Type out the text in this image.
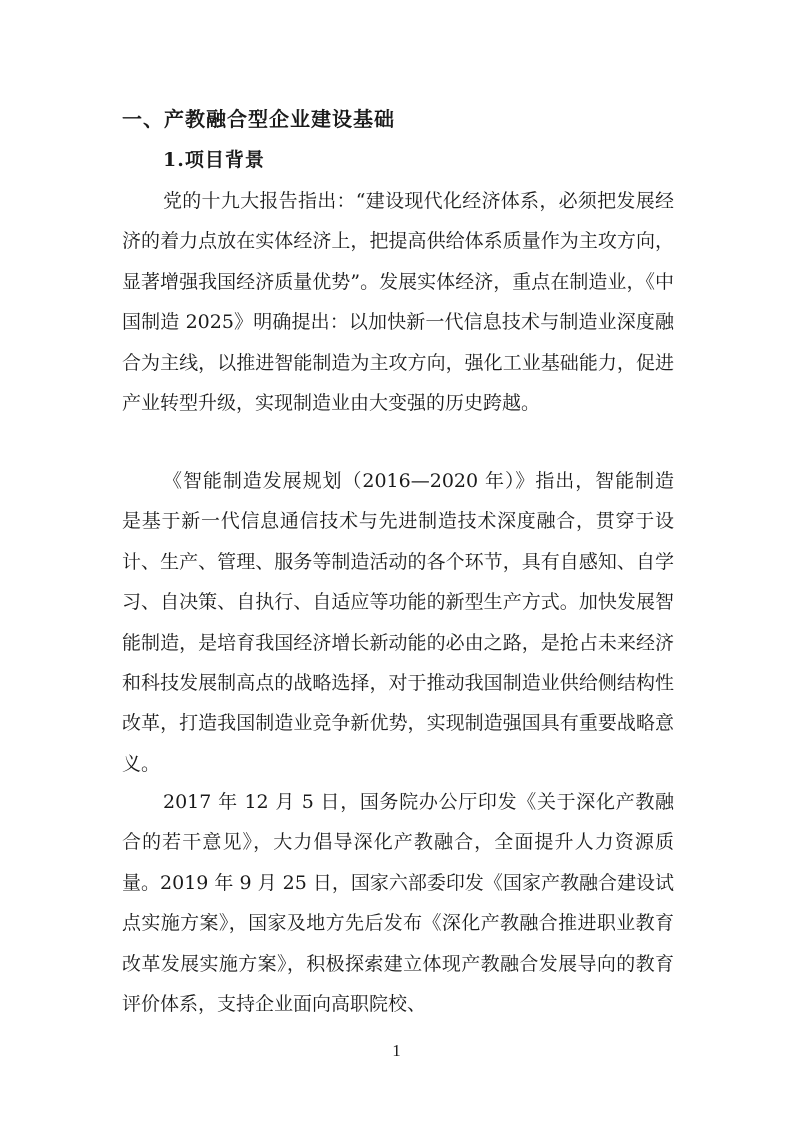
一、产教融合型企业建设基础
1.项目背景

党的十九大报告指出：“建设现代化经济体系，必须把发展经济的着力点放在实体经济上，把提高供给体系质量作为主攻方向，显著增强我国经济质量优势”。发展实体经济，重点在制造业，《中国制造 2025》明确提出：以加快新一代信息技术与制造业深度融合为主线，以推进智能制造为主攻方向，强化工业基础能力，促进产业转型升级，实现制造业由大变强的历史跨越。

《智能制造发展规划（2016—2020 年）》指出，智能制造是基于新一代信息通信技术与先进制造技术深度融合，贯穿于设计、生产、管理、服务等制造活动的各个环节，具有自感知、自学习、自决策、自执行、自适应等功能的新型生产方式。加快发展智能制造，是培育我国经济增长新动能的必由之路，是抢占未来经济和科技发展制高点的战略选择，对于推动我国制造业供给侧结构性改革，打造我国制造业竞争新优势，实现制造强国具有重要战略意义。

2017 年 12 月 5 日，国务院办公厅印发《关于深化产教融合的若干意见》，大力倡导深化产教融合，全面提升人力资源质量。2019 年 9 月 25 日，国家六部委印发《国家产教融合建设试点实施方案》，国家及地方先后发布《深化产教融合推进职业教育改革发展实施方案》，积极探索建立体现产教融合发展导向的教育评价体系，支持企业面向高职院校、

1
